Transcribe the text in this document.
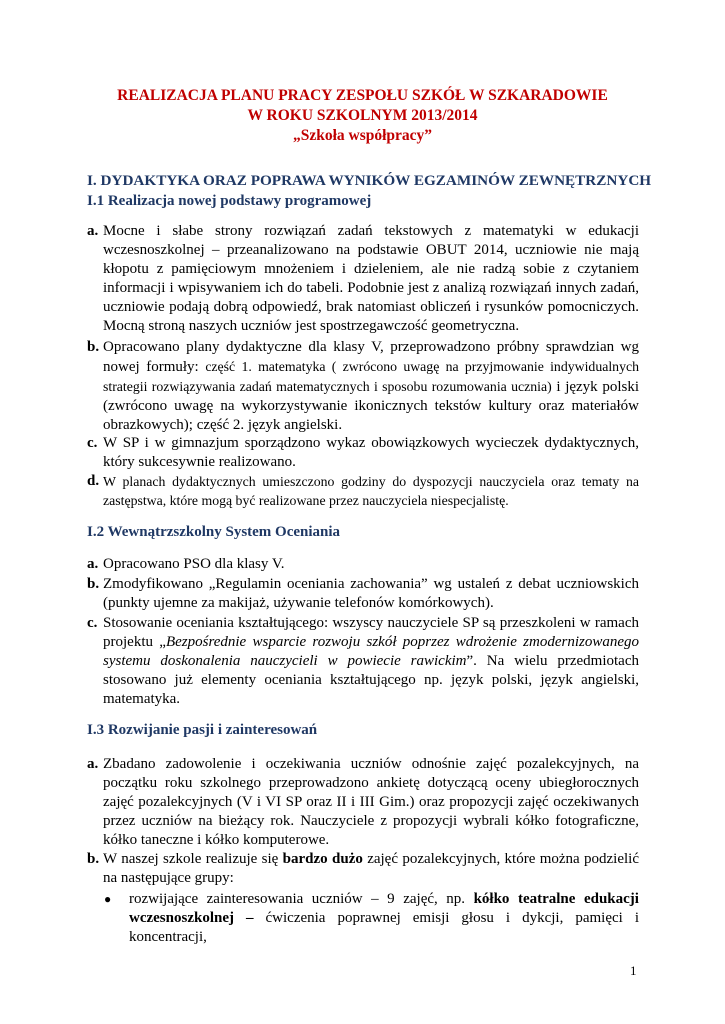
REALIZACJA PLANU PRACY ZESPOŁU SZKÓŁ W SZKARADOWIE
W ROKU SZKOLNYM 2013/2014
„Szkoła współpracy”
I. DYDAKTYKA ORAZ POPRAWA WYNIKÓW EGZAMINÓW ZEWNĘTRZNYCH
I.1 Realizacja nowej podstawy programowej
a. Mocne i słabe strony rozwiązań zadań tekstowych z matematyki w edukacji wczesnoszkolnej – przeanalizowano na podstawie OBUT 2014, uczniowie nie mają kłopotu z pamięciowym mnożeniem i dzieleniem, ale nie radzą sobie z czytaniem informacji i wpisywaniem ich do tabeli. Podobnie jest z analizą rozwiązań innych zadań, uczniowie podają dobrą odpowiedź, brak natomiast obliczeń i rysunków pomocniczych. Mocną stroną naszych uczniów jest spostrzegawczość geometryczna.
b. Opracowano plany dydaktyczne dla klasy V, przeprowadzono próbny sprawdzian wg nowej formuły: część 1. matematyka ( zwrócono uwagę na przyjmowanie indywidualnych strategii rozwiązywania zadań matematycznych i sposobu rozumowania ucznia) i język polski (zwrócono uwagę na wykorzystywanie ikonicznych tekstów kultury oraz materiałów obrazkowych); część 2. język angielski.
c. W SP i w gimnazjum sporządzono wykaz obowiązkowych wycieczek dydaktycznych, który sukcesywnie realizowano.
d. W planach dydaktycznych umieszczono godziny do dyspozycji nauczyciela oraz tematy na zastępstwa, które mogą być realizowane przez nauczyciela niespecjalistę.
I.2 Wewnątrzszkolny System Oceniania
a. Opracowano PSO dla klasy V.
b. Zmodyfikowano „Regulamin oceniania zachowania” wg ustaleń z debat uczniowskich (punkty ujemne za makijaż, używanie telefonów komórkowych).
c. Stosowanie oceniania kształtującego: wszyscy nauczyciele SP są przeszkoleni w ramach projektu „Bezpośrednie wsparcie rozwoju szkół poprzez wdrożenie zmodernizowanego systemu doskonalenia nauczycieli w powiecie rawickim”. Na wielu przedmiotach stosowano już elementy oceniania kształtującego np. język polski, język angielski, matematyka.
I.3 Rozwijanie pasji i zainteresowań
a. Zbadano zadowolenie i oczekiwania uczniów odnośnie zajęć pozalekcyjnych, na początku roku szkolnego przeprowadzono ankietę dotyczącą oceny ubiegłorocznych zajęć pozalekcyjnych (V i VI SP oraz II i III Gim.) oraz propozycji zajęć oczekiwanych przez uczniów na bieżący rok. Nauczyciele z propozycji wybrali kółko fotograficzne, kółko taneczne i kółko komputerowe.
b. W naszej szkole realizuje się bardzo dużo zajęć pozalekcyjnych, które można podzielić na następujące grupy:
● rozwijające zainteresowania uczniów – 9 zajęć, np. kółko teatralne edukacji wczesnoszkolnej – ćwiczenia poprawnej emisji głosu i dykcji, pamięci i koncentracji,
1
